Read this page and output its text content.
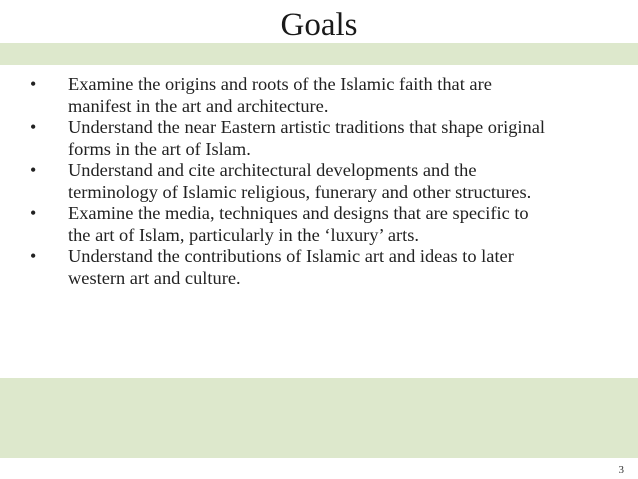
Goals
•	Examine the origins and roots of the Islamic faith that are
manifest in the art and architecture.
•	Understand the near Eastern artistic traditions that shape original
forms in the art of Islam.
•	Understand and cite architectural developments and the
terminology of Islamic religious, funerary and other structures.
•	Examine the media, techniques and designs that are specific to
the art of Islam, particularly in the ‘luxury’ arts.
•	Understand the contributions of Islamic art and ideas to later
western art and culture.
3
